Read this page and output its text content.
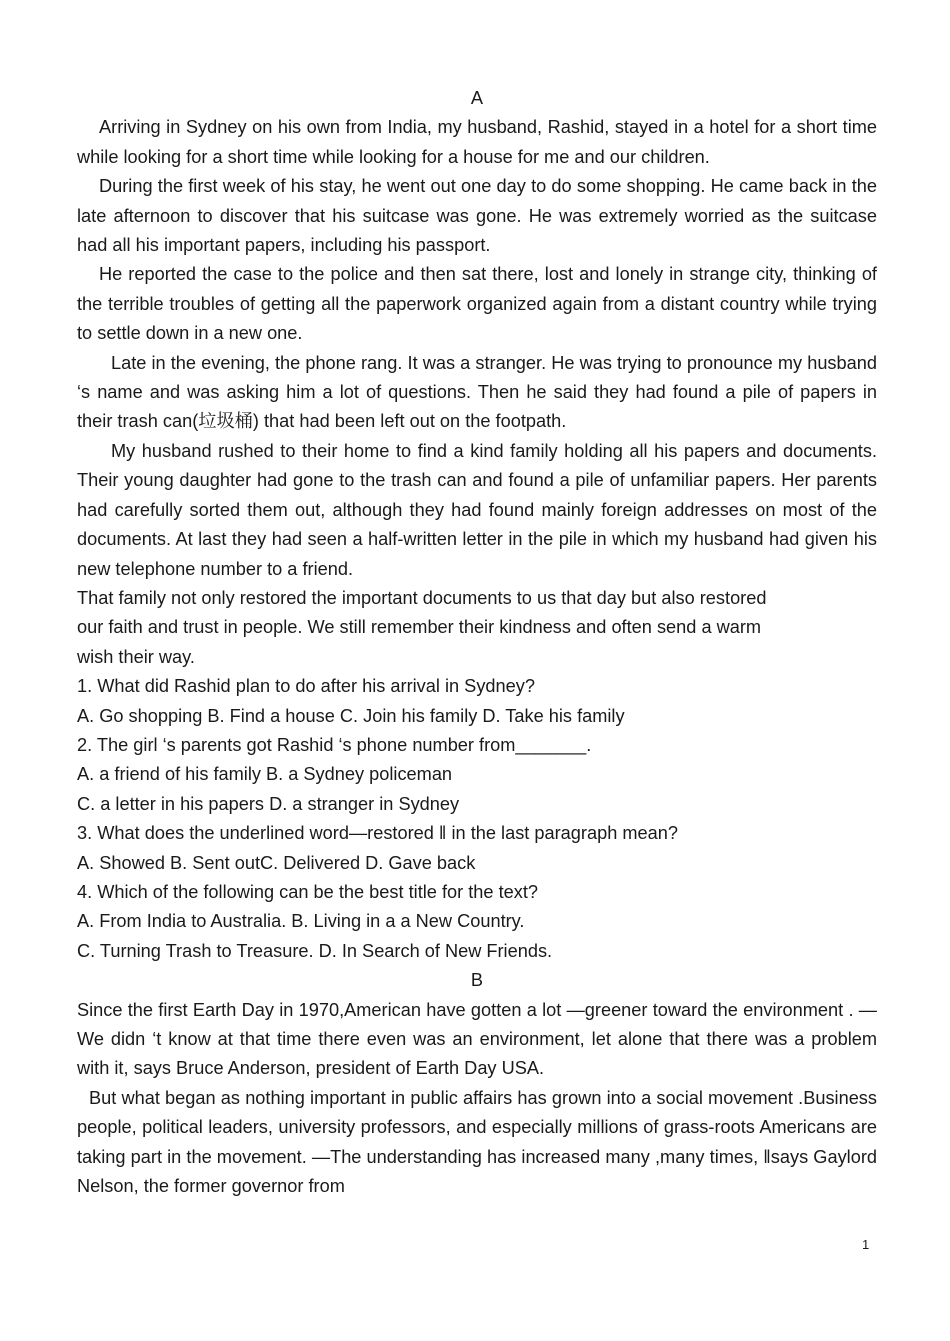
A

Arriving in Sydney on his own from India, my husband, Rashid, stayed in a hotel for a short time while looking for a short time while looking for a house for me and our children.

During the first week of his stay, he went out one day to do some shopping. He came back in the late afternoon to discover that his suitcase was gone. He was extremely worried as the suitcase had all his important papers, including his passport.

He reported the case to the police and then sat there, lost and lonely in strange city, thinking of the terrible troubles of getting all the paperwork organized again from a distant country while trying to settle down in a new one.

Late in the evening, the phone rang. It was a stranger. He was trying to pronounce my husband ‘s name and was asking him a lot of questions. Then he said they had found a pile of papers in their trash can(垃圾桶) that had been left out on the footpath.

My husband rushed to their home to find a kind family holding all his papers and documents. Their young daughter had gone to the trash can and found a pile of unfamiliar papers. Her parents had carefully sorted them out, although they had found mainly foreign addresses on most of the documents. At last they had seen a half-written letter in the pile in which my husband had given his new telephone number to a friend.

That family not only restored the important documents to us that day but also restored
our faith and trust in people. We still remember their kindness and often send a warm
wish their way.
1. What did Rashid plan to do after his arrival in Sydney?
A. Go shopping B. Find a house C. Join his family D. Take his family
2. The girl ‘s parents got Rashid ‘s phone number from_______.
A. a friend of his family B. a Sydney policeman
C. a letter in his papers D. a stranger in Sydney
3. What does the underlined word—restored ‖ in the last paragraph mean?
A. Showed B. Sent outC. Delivered D. Gave back
4. Which of the following can be the best title for the text?
A. From India to Australia. B. Living in a a New Country.
C. Turning Trash to Treasure. D. In Search of New Friends.
B

Since the first Earth Day in 1970,American have gotten a lot —greener toward the environment . —We didn ‘t know at that time there even was an environment, let alone that there was a problem with it, says Bruce Anderson, president of Earth Day USA.

But what began as nothing important in public affairs has grown into a social movement .Business people, political leaders, university professors, and especially millions of grass-roots Americans are taking part in the movement. —The understanding has increased many ,many times, ‖says Gaylord Nelson, the former governor from

1
